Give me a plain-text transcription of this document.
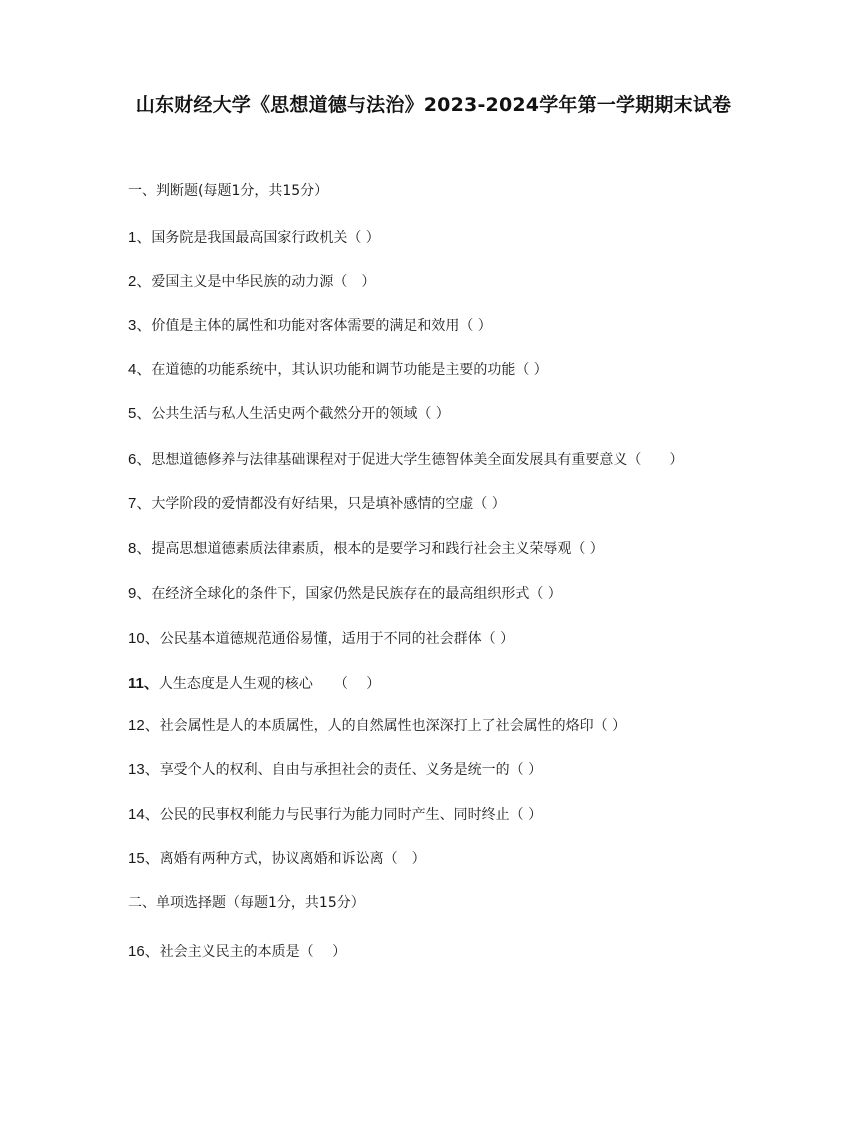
山东财经大学《思想道德与法治》2023-2024学年第一学期期末试卷
一、判断题(每题1分，共15分）
1、国务院是我国最高国家行政机关（ ）
2、爱国主义是中华民族的动力源（　）
3、价值是主体的属性和功能对客体需要的满足和效用（ ）
4、在道德的功能系统中，其认识功能和调节功能是主要的功能（ ）
5、公共生活与私人生活史两个截然分开的领域（ ）
6、思想道德修养与法律基础课程对于促进大学生德智体美全面发展具有重要意义（　　）
7、大学阶段的爱情都没有好结果，只是填补感情的空虚（ ）
8、提高思想道德素质法律素质，根本的是要学习和践行社会主义荣辱观（ ）
9、在经济全球化的条件下，国家仍然是民族存在的最高组织形式（ ）
10、公民基本道德规范通俗易懂，适用于不同的社会群体（ ）
11、人生态度是人生观的核心　　（　 ）
12、社会属性是人的本质属性，人的自然属性也深深打上了社会属性的烙印（ ）
13、享受个人的权利、自由与承担社会的责任、义务是统一的（ ）
14、公民的民事权利能力与民事行为能力同时产生、同时终止（ ）
15、离婚有两种方式，协议离婚和诉讼离（　）
二、单项选择题（每题1分，共15分）
16、社会主义民主的本质是（　 ）
